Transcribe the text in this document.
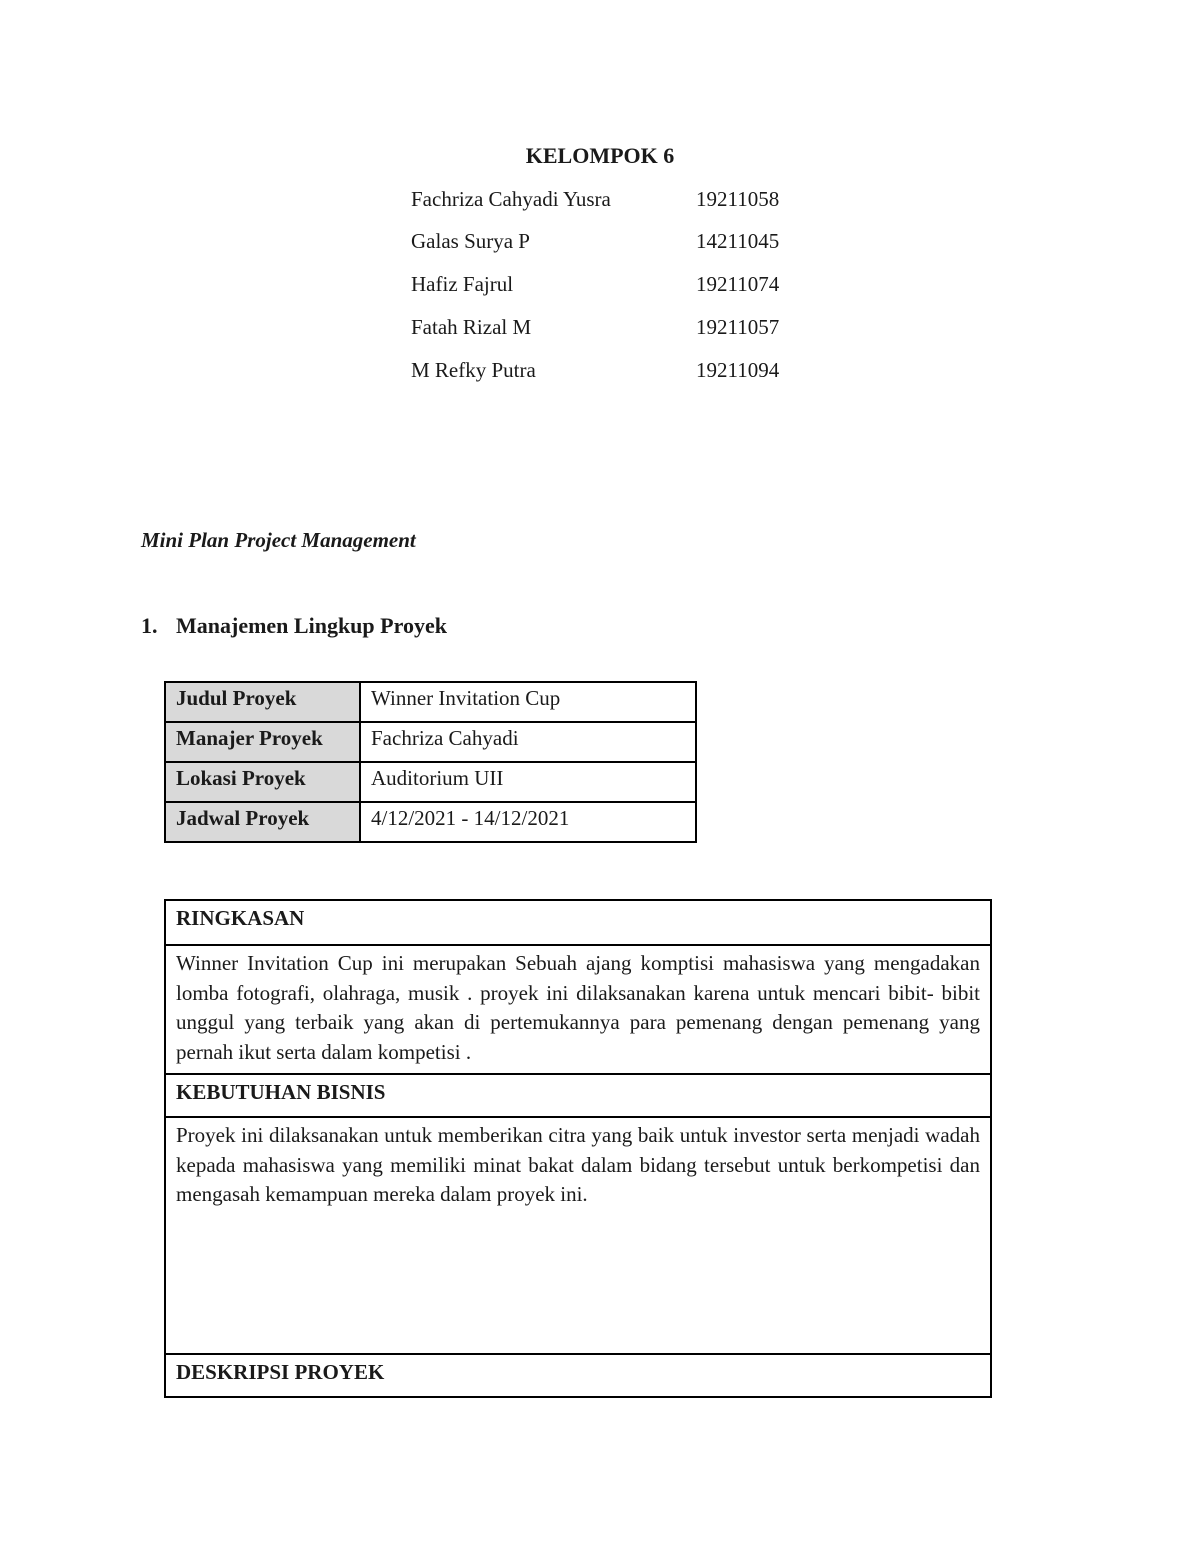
KELOMPOK 6
Fachriza Cahyadi Yusra	19211058
Galas Surya P	14211045
Hafiz Fajrul	19211074
Fatah Rizal M	19211057
M Refky Putra	19211094
Mini Plan Project Management
1. Manajemen Lingkup Proyek
Judul Proyek	Winner Invitation Cup
Manajer Proyek	Fachriza Cahyadi
Lokasi Proyek	Auditorium UII
Jadwal Proyek	4/12/2021 - 14/12/2021
RINGKASAN
Winner Invitation Cup ini merupakan Sebuah ajang komptisi mahasiswa yang mengadakan lomba fotografi, olahraga, musik . proyek ini dilaksanakan karena untuk mencari bibit- bibit unggul yang terbaik yang akan di pertemukannya para pemenang dengan pemenang yang pernah ikut serta dalam kompetisi .
KEBUTUHAN BISNIS
Proyek ini dilaksanakan untuk memberikan citra yang baik untuk investor serta menjadi wadah kepada mahasiswa yang memiliki minat bakat dalam bidang tersebut untuk berkompetisi dan mengasah kemampuan mereka dalam proyek ini.
DESKRIPSI PROYEK
